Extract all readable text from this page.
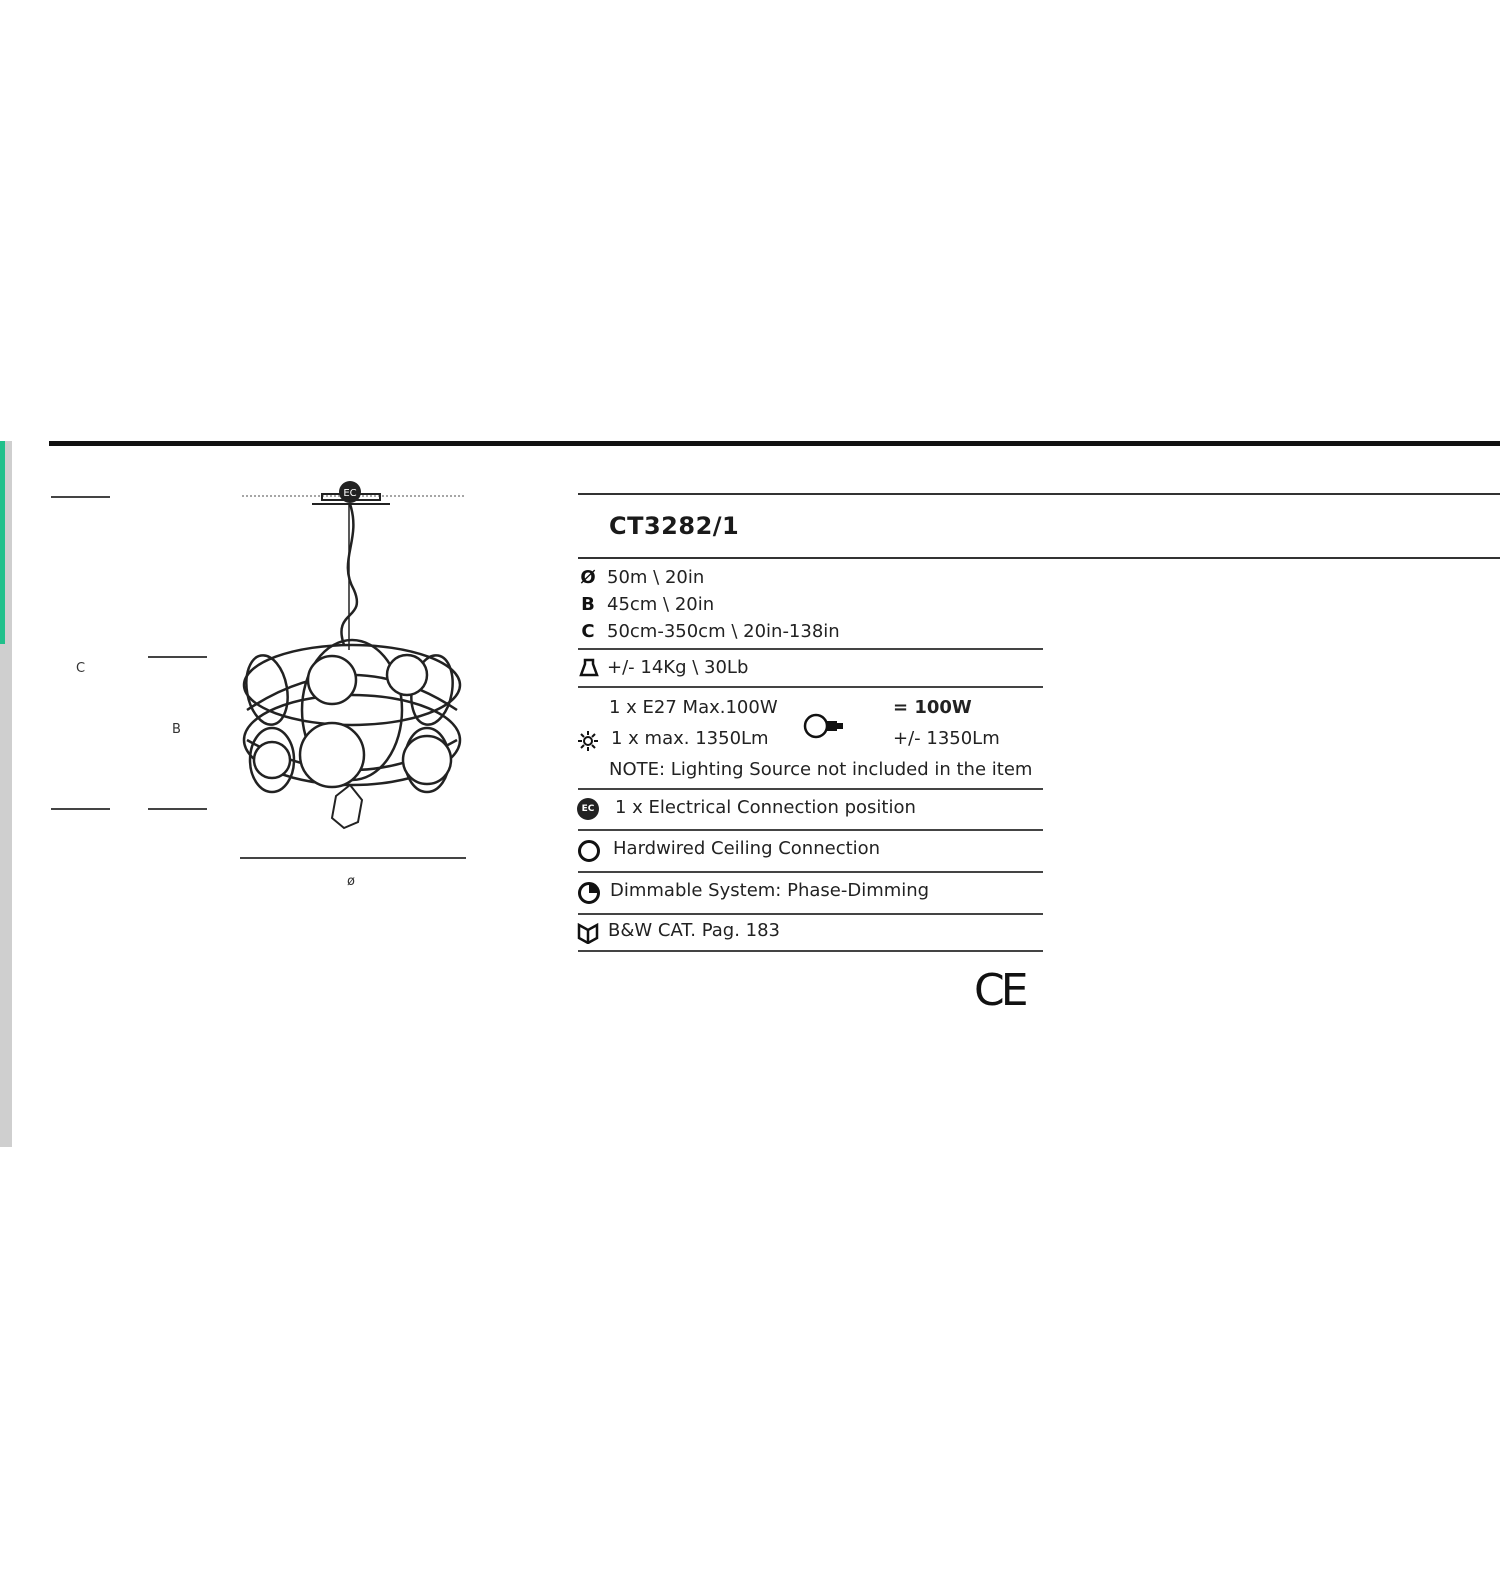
C
B
ø
EC
CT3282/1
Ø 50m \ 20in
B 45cm \ 20in
C 50cm-350cm \ 20in-138in
+/- 14Kg \ 30Lb
1 x E27 Max.100W
1 x max. 1350Lm
= 100W
+/- 1350Lm
NOTE: Lighting Source not included in the item
EC 1 x Electrical Connection position
Hardwired Ceiling Connection
Dimmable System: Phase-Dimming
B&W CAT. Pag. 183
CE
